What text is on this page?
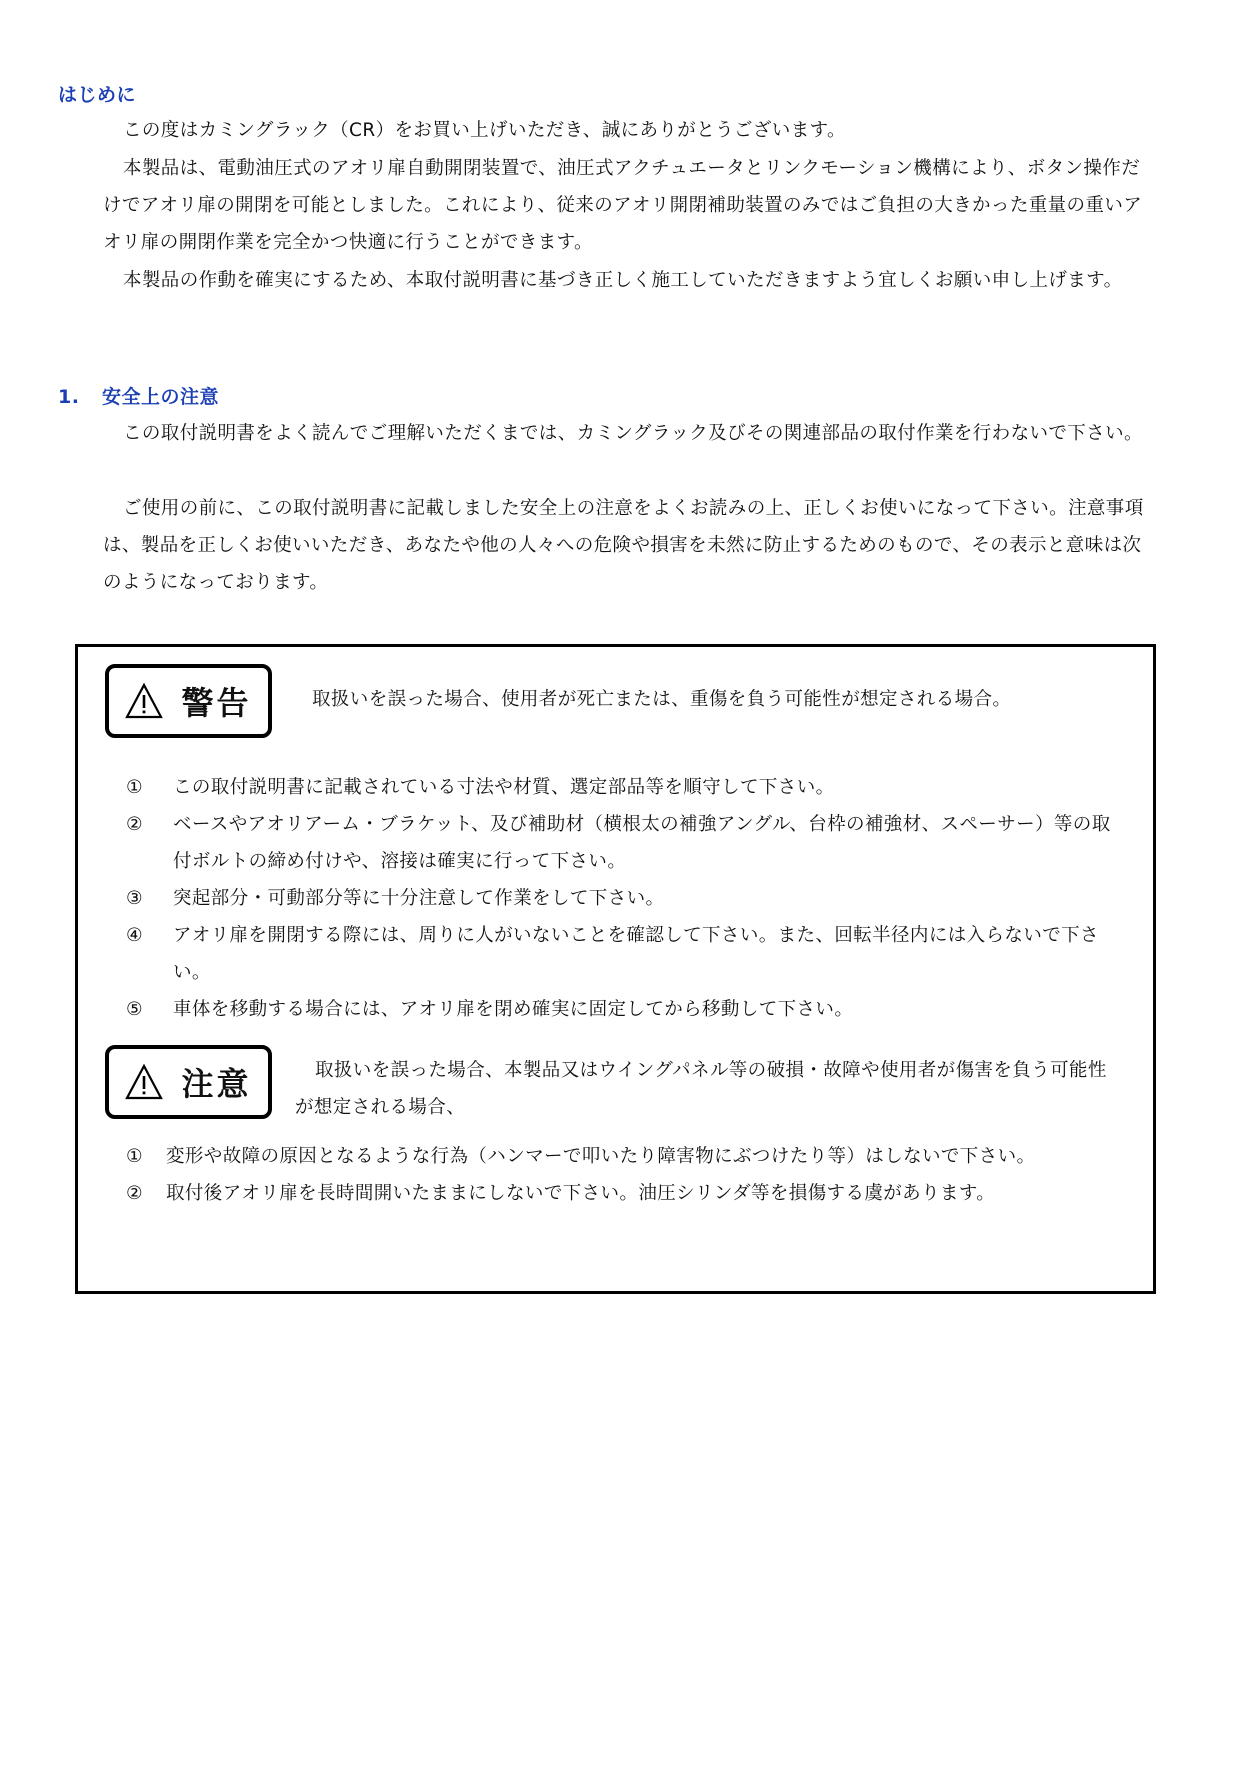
はじめに

この度はカミングラック（CR）をお買い上げいただき、誠にありがとうございます。

本製品は、電動油圧式のアオリ扉自動開閉装置で、油圧式アクチュエータとリンクモーション機構により、ボタン操作だけでアオリ扉の開閉を可能としました。これにより、従来のアオリ開閉補助装置のみではご負担の大きかった重量の重いアオリ扉の開閉作業を完全かつ快適に行うことができます。

本製品の作動を確実にするため、本取付説明書に基づき正しく施工していただきますよう宜しくお願い申し上げます。

1. 安全上の注意

この取付説明書をよく読んでご理解いただくまでは、カミングラック及びその関連部品の取付作業を行わないで下さい。

ご使用の前に、この取付説明書に記載しました安全上の注意をよくお読みの上、正しくお使いになって下さい。注意事項は、製品を正しくお使いいただき、あなたや他の人々への危険や損害を未然に防止するためのもので、その表示と意味は次のようになっております。

警告	取扱いを誤った場合、使用者が死亡または、重傷を負う可能性が想定される場合。

①	この取付説明書に記載されている寸法や材質、選定部品等を順守して下さい。
②	ベースやアオリアーム・ブラケット、及び補助材（横根太の補強アングル、台枠の補強材、スペーサー）等の取付ボルトの締め付けや、溶接は確実に行って下さい。
③	突起部分・可動部分等に十分注意して作業をして下さい。
④	アオリ扉を開閉する際には、周りに人がいないことを確認して下さい。また、回転半径内には入らないで下さい。
⑤	車体を移動する場合には、アオリ扉を閉め確実に固定してから移動して下さい。
注意	取扱いを誤った場合、本製品又はウイングパネル等の破損・故障や使用者が傷害を負う可能性が想定される場合、

①	変形や故障の原因となるような行為（ハンマーで叩いたり障害物にぶつけたり等）はしないで下さい。
②	取付後アオリ扉を長時間開いたままにしないで下さい。油圧シリンダ等を損傷する虞があります。
